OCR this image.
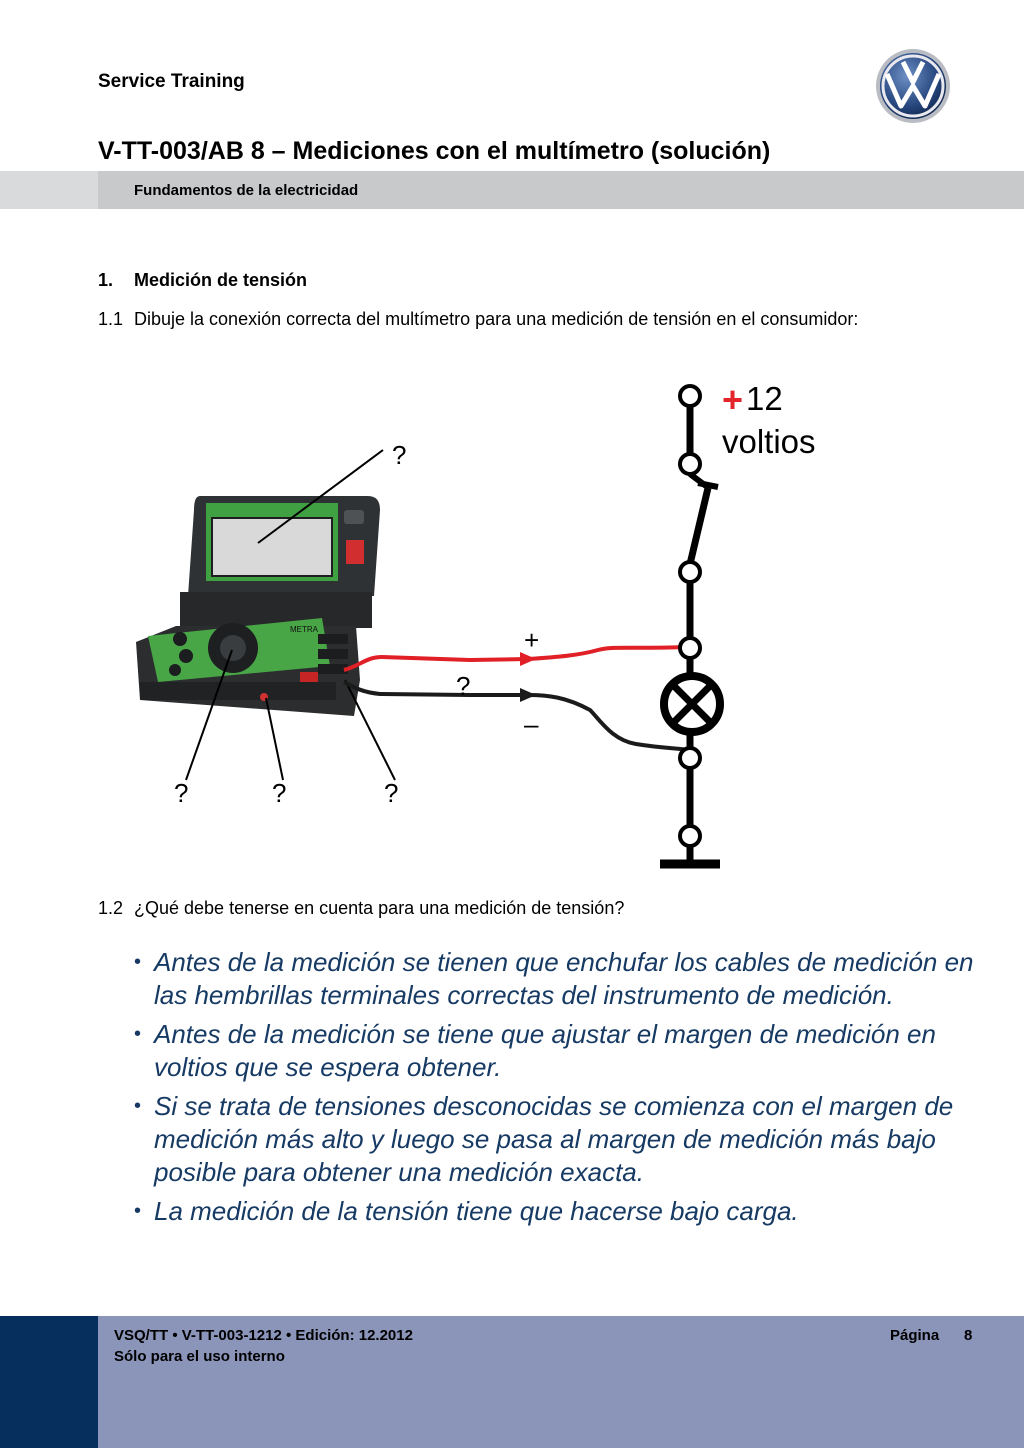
Service Training
V-TT-003/AB 8 – Mediciones con el multímetro (solución)
Fundamentos de la electricidad
1. Medición de tensión
1.1 Dibuje la conexión correcta del multímetro para una medición de tensión en el consumidor:
METRA
+ 12
voltios
+
–
?
?
?	?	?
1.2 ¿Qué debe tenerse en cuenta para una medición de tensión?
• Antes de la medición se tienen que enchufar los cables de medición en las hembrillas terminales correctas del instrumento de medición.
• Antes de la medición se tiene que ajustar el margen de medición en voltios que se espera obtener.
• Si se trata de tensiones desconocidas se comienza con el margen de medición más alto y luego se pasa al margen de medición más bajo posible para obtener una medición exacta.
• La medición de la tensión tiene que hacerse bajo carga.
VSQ/TT • V-TT-003-1212 • Edición: 12.2012
Sólo para el uso interno
Página 8
